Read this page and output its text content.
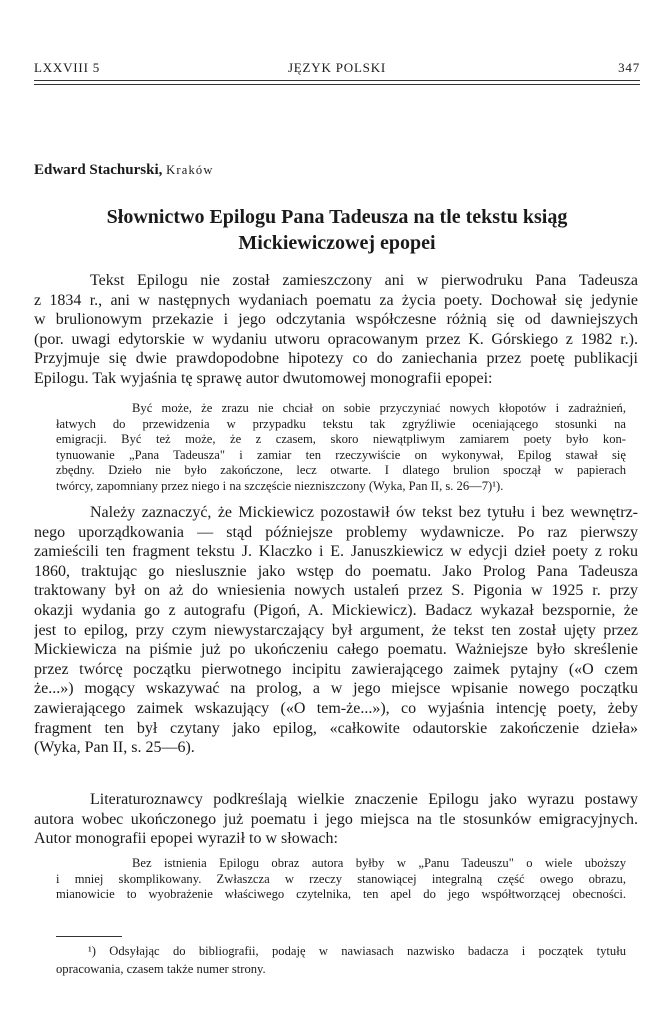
LXXVIII 5	JĘZYK POLSKI	347
Edward Stachurski, Kraków
Słownictwo Epilogu Pana Tadeusza na tle tekstu ksiąg
Mickiewiczowej epopei
Tekst Epilogu nie został zamieszczony ani w pierwodruku Pana Tadeusza
z 1834 r., ani w następnych wydaniach poematu za życia poety. Dochował się jedynie
w brulionowym przekazie i jego odczytania współczesne różnią się od dawniejszych
(por. uwagi edytorskie w wydaniu utworu opracowanym przez K. Górskiego z 1982 r.).
Przyjmuje się dwie prawdopodobne hipotezy co do zaniechania przez poetę publikacji
Epilogu. Tak wyjaśnia tę sprawę autor dwutomowej monografii epopei:
Być może, że zrazu nie chciał on sobie przyczyniać nowych kłopotów i zadrażnień,
łatwych do przewidzenia w przypadku tekstu tak zgryźliwie oceniającego stosunki na
emigracji. Być też może, że z czasem, skoro niewątpliwym zamiarem poety było kon-
tynuowanie „Pana Tadeusza" i zamiar ten rzeczywiście on wykonywał, Epilog stawał się
zbędny. Dzieło nie było zakończone, lecz otwarte. I dlatego brulion spoczął w papierach
twórcy, zapomniany przez niego i na szczęście niezniszczony (Wyka, Pan II, s. 26—7)¹).
Należy zaznaczyć, że Mickiewicz pozostawił ów tekst bez tytułu i bez wewnętrz-
nego uporządkowania — stąd późniejsze problemy wydawnicze. Po raz pierwszy
zamieścili ten fragment tekstu J. Klaczko i E. Januszkiewicz w edycji dzieł poety z roku
1860, traktując go nieslusznie jako wstęp do poematu. Jako Prolog Pana Tadeusza
traktowany był on aż do wniesienia nowych ustaleń przez S. Pigonia w 1925 r. przy
okazji wydania go z autografu (Pigoń, A. Mickiewicz). Badacz wykazał bezspornie, że
jest to epilog, przy czym niewystarczający był argument, że tekst ten został ujęty przez
Mickiewicza na piśmie już po ukończeniu całego poematu. Ważniejsze było skreślenie
przez twórcę początku pierwotnego incipitu zawierającego zaimek pytajny («O czem
że...») mogący wskazywać na prolog, a w jego miejsce wpisanie nowego początku
zawierającego zaimek wskazujący («O tem-że...»), co wyjaśnia intencję poety, żeby
fragment ten był czytany jako epilog, «całkowite odautorskie zakończenie dzieła»
(Wyka, Pan II, s. 25—6).
Literaturoznawcy podkreślają wielkie znaczenie Epilogu jako wyrazu postawy
autora wobec ukończonego już poematu i jego miejsca na tle stosunków emigracyjnych.
Autor monografii epopei wyraził to w słowach:
Bez istnienia Epilogu obraz autora byłby w „Panu Tadeuszu" o wiele uboższy
i mniej skomplikowany. Zwłaszcza w rzeczy stanowiącej integralną część owego obrazu,
mianowicie to wyobrażenie właściwego czytelnika, ten apel do jego współtworzącej obecności.
¹) Odsyłając do bibliografii, podaję w nawiasach nazwisko badacza i początek tytułu
opracowania, czasem także numer strony.
